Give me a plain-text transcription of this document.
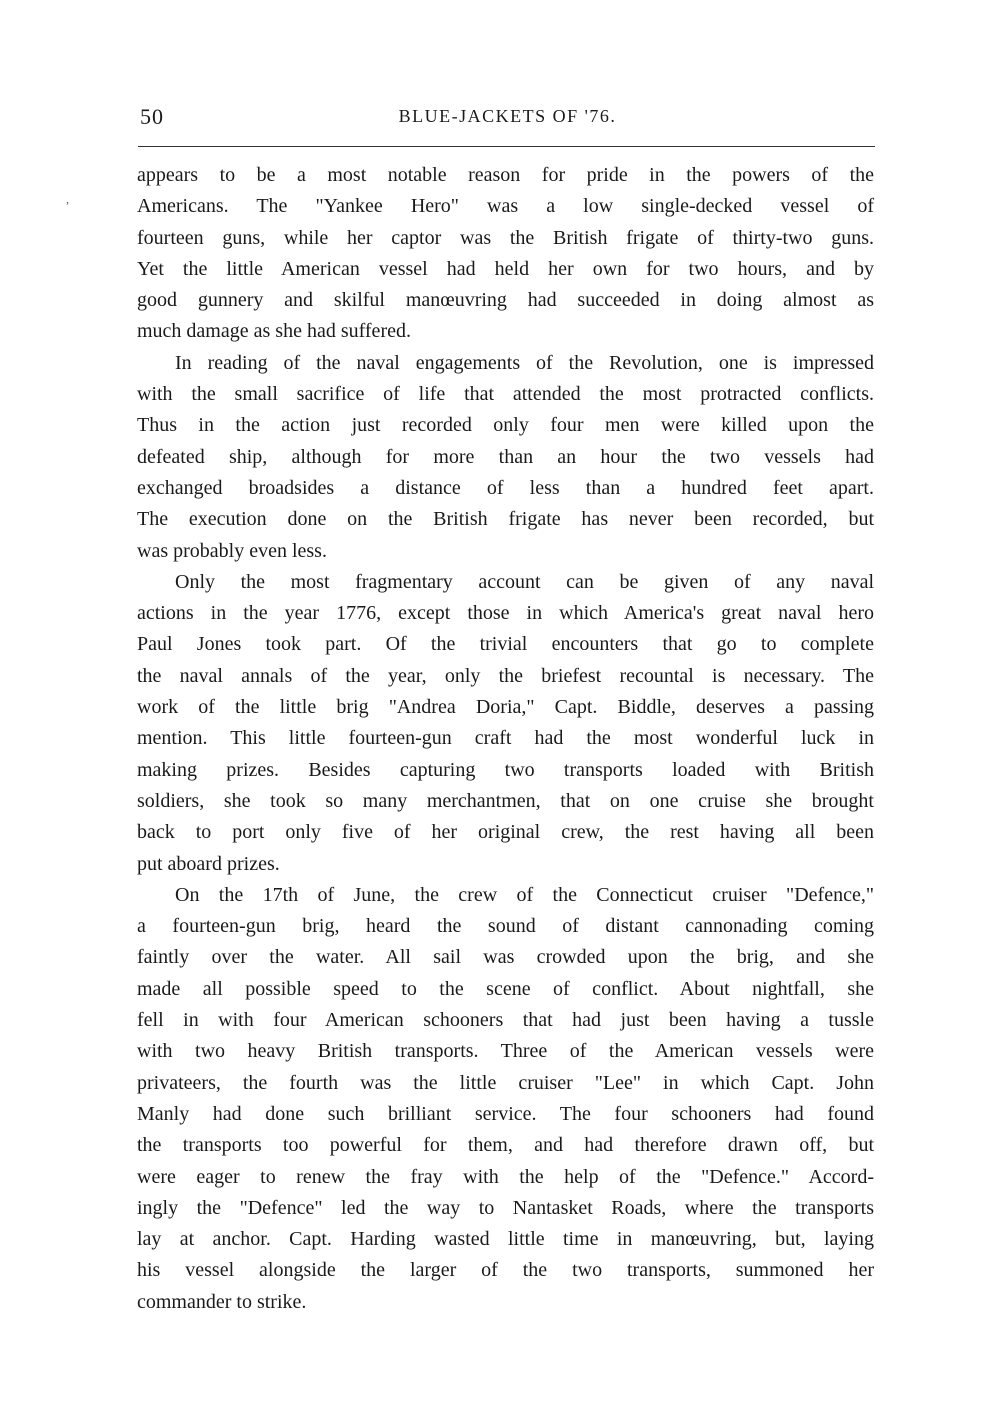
50	BLUE-JACKETS OF '76.
,

appears to be a most notable reason for pride in the powers of the
Americans. The "Yankee Hero" was a low single-decked vessel of
fourteen guns, while her captor was the British frigate of thirty-two guns.
Yet the little American vessel had held her own for two hours, and by
good gunnery and skilful manœuvring had succeeded in doing almost as
much damage as she had suffered.

In reading of the naval engagements of the Revolution, one is impressed
with the small sacrifice of life that attended the most protracted conflicts.
Thus in the action just recorded only four men were killed upon the
defeated ship, although for more than an hour the two vessels had
exchanged broadsides a distance of less than a hundred feet apart.
The execution done on the British frigate has never been recorded, but
was probably even less.

Only the most fragmentary account can be given of any naval
actions in the year 1776, except those in which America's great naval hero
Paul Jones took part. Of the trivial encounters that go to complete
the naval annals of the year, only the briefest recountal is necessary. The
work of the little brig "Andrea Doria," Capt. Biddle, deserves a passing
mention. This little fourteen-gun craft had the most wonderful luck in
making prizes. Besides capturing two transports loaded with British
soldiers, she took so many merchantmen, that on one cruise she brought
back to port only five of her original crew, the rest having all been
put aboard prizes.

On the 17th of June, the crew of the Connecticut cruiser "Defence,"
a fourteen-gun brig, heard the sound of distant cannonading coming
faintly over the water. All sail was crowded upon the brig, and she
made all possible speed to the scene of conflict. About nightfall, she
fell in with four American schooners that had just been having a tussle
with two heavy British transports. Three of the American vessels were
privateers, the fourth was the little cruiser "Lee" in which Capt. John
Manly had done such brilliant service. The four schooners had found
the transports too powerful for them, and had therefore drawn off, but
were eager to renew the fray with the help of the "Defence." Accord-
ingly the "Defence" led the way to Nantasket Roads, where the transports
lay at anchor. Capt. Harding wasted little time in manœuvring, but, laying
his vessel alongside the larger of the two transports, summoned her
commander to strike.
